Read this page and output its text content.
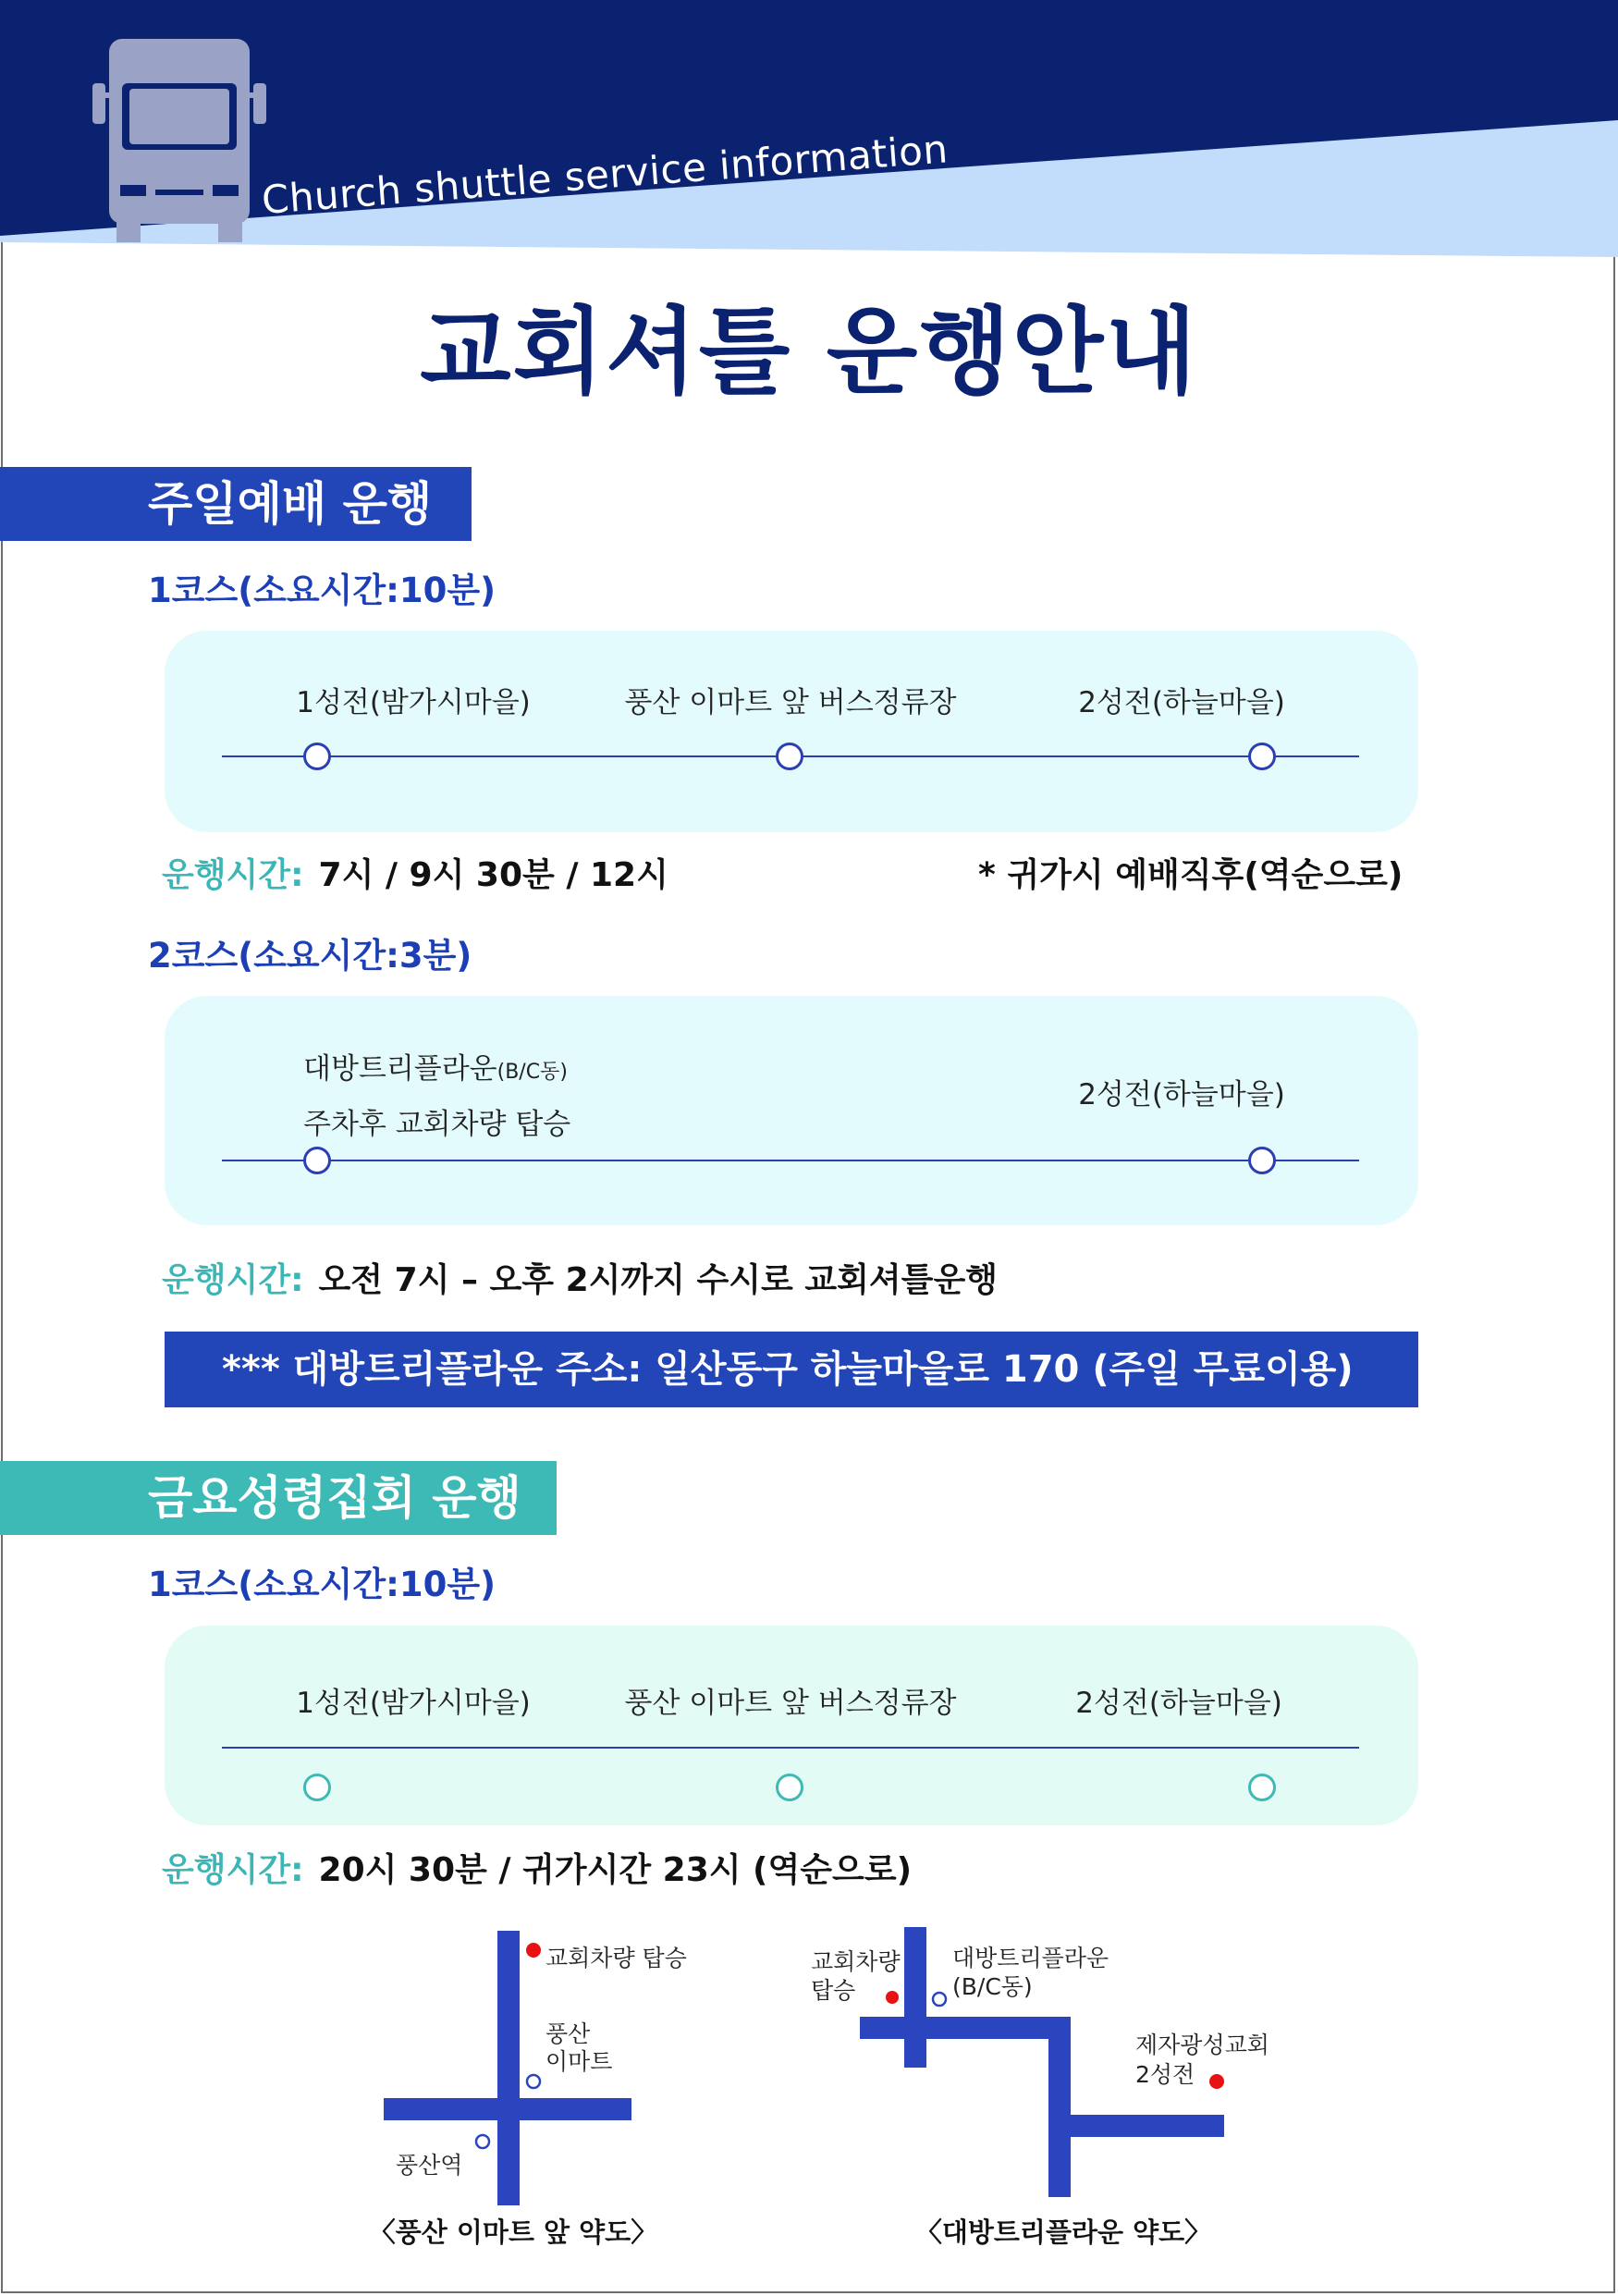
Church shuttle service information
교회셔틀 운행안내
주일예배 운행
1코스(소요시간:10분)
1성전(밤가시마을)	풍산 이마트 앞 버스정류장	2성전(하늘마을)
운행시간: 7시 / 9시 30분 / 12시	* 귀가시 예배직후(역순으로)
2코스(소요시간:3분)
대방트리플라운(B/C동)
주차후 교회차량 탑승
2성전(하늘마을)
운행시간: 오전 7시 – 오후 2시까지 수시로 교회셔틀운행
*** 대방트리플라운 주소: 일산동구 하늘마을로 170 (주일 무료이용)
금요성령집회 운행
1코스(소요시간:10분)
1성전(밤가시마을)	풍산 이마트 앞 버스정류장	2성전(하늘마을)
운행시간: 20시 30분 / 귀가시간 23시 (역순으로)
교회차량 탑승
풍산
이마트
풍산역
〈풍산 이마트 앞 약도〉
교회차량
탑승
대방트리플라운
(B/C동)
제자광성교회
2성전
〈대방트리플라운 약도〉
